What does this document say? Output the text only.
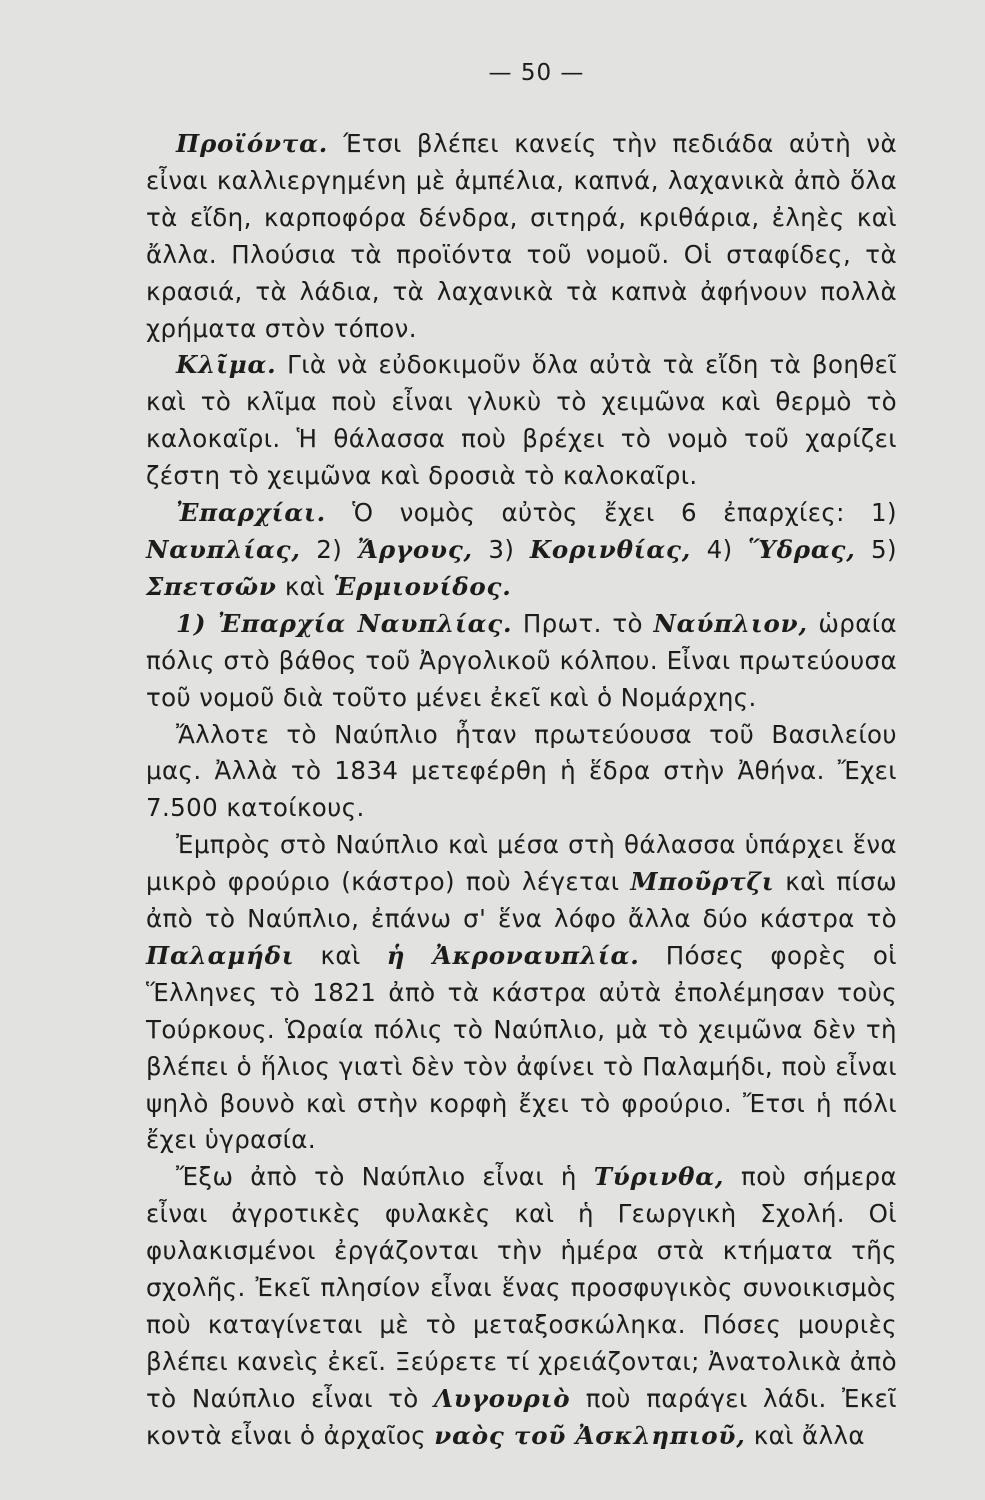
— 50 —

Προϊόντα. Έτσι βλέπει κανείς τὴν πεδιάδα αὐτὴ νὰ εἶναι καλλιεργημένη μὲ ἀμπέλια, καπνά, λαχανικὰ ἀπὸ ὅλα τὰ εἴδη, καρποφόρα δένδρα, σιτηρά, κριθάρια, ἐληὲς καὶ ἄλλα. Πλούσια τὰ προϊόντα τοῦ νομοῦ. Οἱ σταφίδες, τὰ κρασιά, τὰ λάδια, τὰ λαχανικὰ τὰ καπνὰ ἀφήνουν πολλὰ χρήματα στὸν τόπον.

Κλῖμα. Γιὰ νὰ εὐδοκιμοῦν ὅλα αὐτὰ τὰ εἴδη τὰ βοηθεῖ καὶ τὸ κλῖμα ποὺ εἶναι γλυκὺ τὸ χειμῶνα καὶ θερμὸ τὸ καλοκαῖρι. Ἡ θάλασσα ποὺ βρέχει τὸ νομὸ τοῦ χαρίζει ζέστη τὸ χειμῶνα καὶ δροσιὰ τὸ καλοκαῖρι.

Ἐπαρχίαι. Ὁ νομὸς αὐτὸς ἔχει 6 ἐπαρχίες: 1) Ναυπλίας, 2) Ἄργους, 3) Κορινθίας, 4) Ὕδρας, 5) Σπετσῶν καὶ Ἑρμιονίδος.

1) Ἐπαρχία Ναυπλίας. Πρωτ. τὸ Ναύπλιον, ὡραία πόλις στὸ βάθος τοῦ Ἀργολικοῦ κόλπου. Εἶναι πρωτεύουσα τοῦ νομοῦ διὰ τοῦτο μένει ἐκεῖ καὶ ὁ Νομάρχης.

Ἄλλοτε τὸ Ναύπλιο ἦταν πρωτεύουσα τοῦ Βασιλείου μας. Ἀλλὰ τὸ 1834 μετεφέρθη ἡ ἕδρα στὴν Ἀθήνα. Ἔχει 7.500 κατοίκους.

Ἐμπρὸς στὸ Ναύπλιο καὶ μέσα στὴ θάλασσα ὑπάρχει ἕνα μικρὸ φρούριο (κάστρο) ποὺ λέγεται Μποῦρτζι καὶ πίσω ἀπὸ τὸ Ναύπλιο, ἐπάνω σ' ἕνα λόφο ἄλλα δύο κάστρα τὸ Παλαμήδι καὶ ἡ Ἀκροναυπλία. Πόσες φορὲς οἱ Ἕλληνες τὸ 1821 ἀπὸ τὰ κάστρα αὐτὰ ἐπολέμησαν τοὺς Τούρκους. Ὡραία πόλις τὸ Ναύπλιο, μὰ τὸ χειμῶνα δὲν τὴ βλέπει ὁ ἥλιος γιατὶ δὲν τὸν ἀφίνει τὸ Παλαμήδι, ποὺ εἶναι ψηλὸ βουνὸ καὶ στὴν κορφὴ ἔχει τὸ φρούριο. Ἔτσι ἡ πόλι ἔχει ὑγρασία.

Ἔξω ἀπὸ τὸ Ναύπλιο εἶναι ἡ Τύρινθα, ποὺ σήμερα εἶναι ἀγροτικὲς φυλακὲς καὶ ἡ Γεωργικὴ Σχολή. Οἱ φυλακισμένοι ἐργάζονται τὴν ἡμέρα στὰ κτήματα τῆς σχολῆς. Ἐκεῖ πλησίον εἶναι ἕνας προσφυγικὸς συνοικισμὸς ποὺ καταγίνεται μὲ τὸ μεταξοσκώληκα. Πόσες μουριὲς βλέπει κανεὶς ἐκεῖ. Ξεύρετε τί χρειάζονται; Ἀνατολικὰ ἀπὸ τὸ Ναύπλιο εἶναι τὸ Λυγουριὸ ποὺ παράγει λάδι. Ἐκεῖ κοντὰ εἶναι ὁ ἀρχαῖος ναὸς τοῦ Ἀσκληπιοῦ, καὶ ἄλλα
